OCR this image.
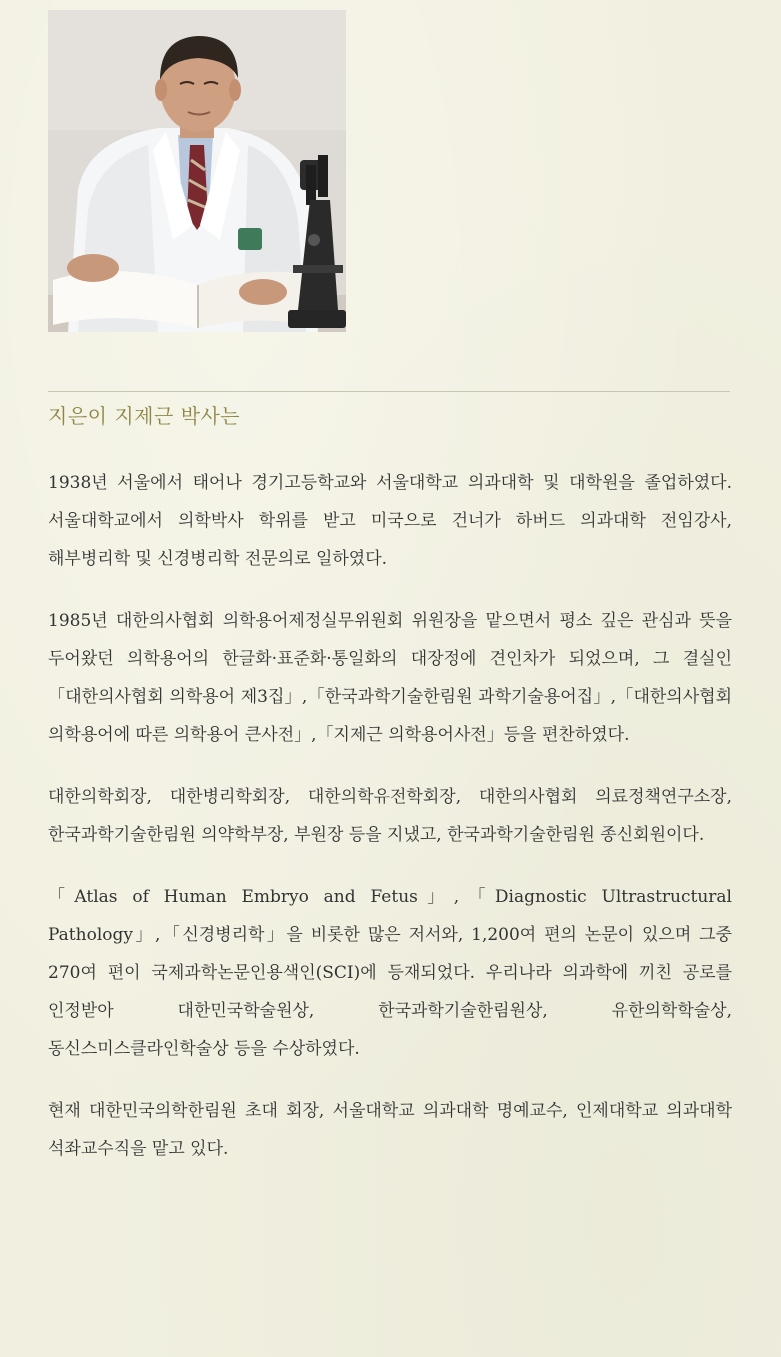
지은이 지제근 박사는

1938년 서울에서 태어나 경기고등학교와 서울대학교 의과대학 및 대학원을 졸업하였다. 서울대학교에서 의학박사 학위를 받고 미국으로 건너가 하버드 의과대학 전임강사, 해부병리학 및 신경병리학 전문의로 일하였다.

1985년 대한의사협회 의학용어제정실무위원회 위원장을 맡으면서 평소 깊은 관심과 뜻을 두어왔던 의학용어의 한글화·표준화·통일화의 대장정에 견인차가 되었으며, 그 결실인「대한의사협회 의학용어 제3집」,「한국과학기술한림원 과학기술용어집」,「대한의사협회 의학용어에 따른 의학용어 큰사전」,「지제근 의학용어사전」등을 편찬하였다.

대한의학회장, 대한병리학회장, 대한의학유전학회장, 대한의사협회 의료정책연구소장, 한국과학기술한림원 의약학부장, 부원장 등을 지냈고, 한국과학기술한림원 종신회원이다.

「Atlas of Human Embryo and Fetus」,「Diagnostic Ultrastructural Pathology」,「신경병리학」을 비롯한 많은 저서와, 1,200여 편의 논문이 있으며 그중 270여 편이 국제과학논문인용색인(SCI)에 등재되었다. 우리나라 의과학에 끼친 공로를 인정받아 대한민국학술원상, 한국과학기술한림원상, 유한의학학술상, 동신스미스클라인학술상 등을 수상하였다.

현재 대한민국의학한림원 초대 회장, 서울대학교 의과대학 명예교수, 인제대학교 의과대학 석좌교수직을 맡고 있다.
